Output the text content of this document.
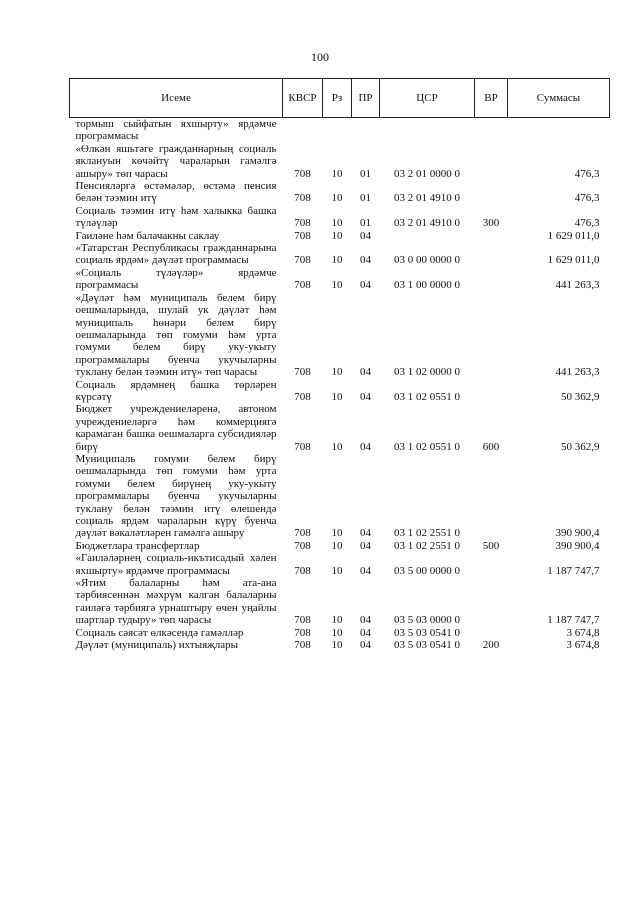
100
Исеме	КВСР	Рз	ПР	ЦСР	ВР	Суммасы
тормыш сыйфатын яхшырту» ярдәмче программасы						
«Өлкән яшьтәге гражданнарның социаль яклануын көчәйтү чараларын гамәлгә ашыру» төп чарасы	708	10	01	03 2 01 0000 0		476,3
Пенсияләргә өстәмәләр, өстәмә пенсия белән тәэмин итү	708	10	01	03 2 01 4910 0		476,3
Социаль тәэмин итү һәм халыкка башка түләүләр	708	10	01	03 2 01 4910 0	300	476,3
Гаиләне һәм балачакны саклау	708	10	04			1 629 011,0
«Татарстан Республикасы гражданнарына социаль ярдәм» дәүләт программасы	708	10	04	03 0 00 0000 0		1 629 011,0
«Социаль түләүләр» ярдәмче программасы	708	10	04	03 1 00 0000 0		441 263,3
«Дәүләт һәм муниципаль белем бирү оешмаларында, шулай ук дәүләт һәм муниципаль һөнәри белем бирү оешмаларында төп гомуми һәм урта гомуми белем бирү уку-укыту программалары буенча укучыларны туклану белән тәэмин итү» төп чарасы	708	10	04	03 1 02 0000 0		441 263,3
Социаль ярдәмнең башка төрләрен күрсәтү	708	10	04	03 1 02 0551 0		50 362,9
Бюджет учреждениеләренә, автоном учреждениеләргә һәм коммерциягә карамаган башка оешмаларга субсидияләр бирү	708	10	04	03 1 02 0551 0	600	50 362,9
Муниципаль гомуми белем бирү оешмаларында төп гомуми һәм урта гомуми белем бирүнең уку-укыту программалары буенча укучыларны туклану белән тәэмин итү өлешендә социаль ярдәм чараларын күрү буенча дәүләт вәкаләтләрен гамәлгә ашыру	708	10	04	03 1 02 2551 0		390 900,4
Бюджетлара трансфертлар	708	10	04	03 1 02 2551 0	500	390 900,4
«Гаиләләрнең социаль-икътисадый хәлен яхшырту» ярдәмче программасы	708	10	04	03 5 00 0000 0		1 187 747,7
«Ятим балаларны һәм ата-ана тәрбиясеннән мәхрүм калган балаларны гаиләгә тәрбиягә урнаштыру өчен уңайлы шартлар тудыру» төп чарасы	708	10	04	03 5 03 0000 0		1 187 747,7
Социаль сәясәт өлкәсендә гамәлләр	708	10	04	03 5 03 0541 0		3 674,8
Дәүләт (муниципаль) ихтыяҗлары	708	10	04	03 5 03 0541 0	200	3 674,8
